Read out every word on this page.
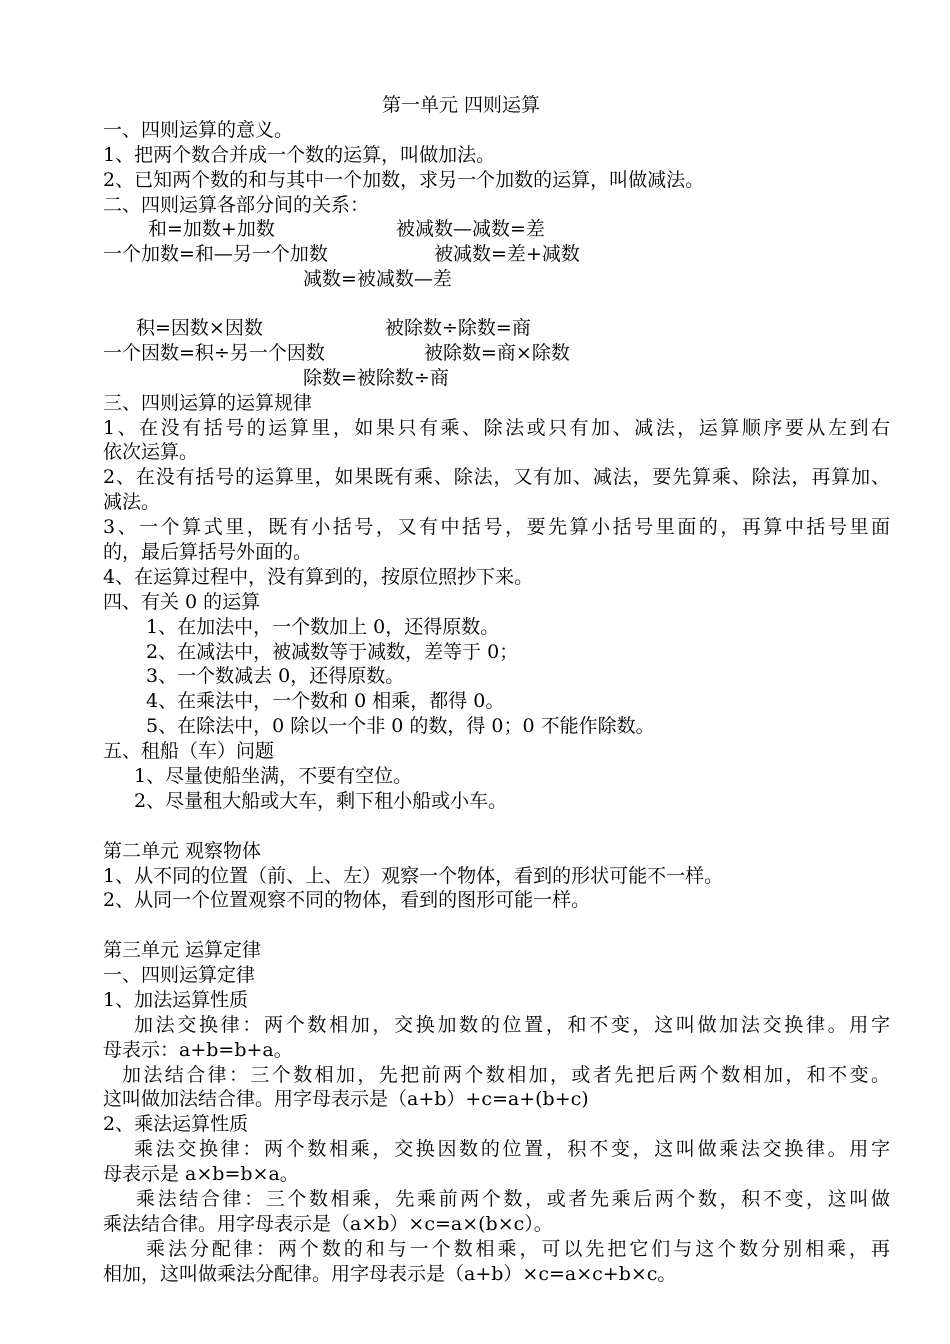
第一单元 四则运算
一、四则运算的意义。
1、把两个数合并成一个数的运算，叫做加法。
2、已知两个数的和与其中一个加数，求另一个加数的运算，叫做减法。
二、四则运算各部分间的关系：
和=加数+加数	被减数—减数=差
一个加数=和—另一个加数	被减数=差+减数
减数=被减数—差
积=因数×因数	被除数÷除数=商
一个因数=积÷另一个因数	被除数=商×除数
除数=被除数÷商
三、四则运算的运算规律
1、在没有括号的运算里，如果只有乘、除法或只有加、减法，运算顺序要从左到右
依次运算。
2、在没有括号的运算里，如果既有乘、除法，又有加、减法，要先算乘、除法，再算加、
减法。
3、一个算式里，既有小括号，又有中括号，要先算小括号里面的，再算中括号里面
的，最后算括号外面的。
4、在运算过程中，没有算到的，按原位照抄下来。
四、有关 0 的运算
1、在加法中，一个数加上 0，还得原数。
2、在减法中，被减数等于减数，差等于 0；
3、一个数减去 0，还得原数。
4、在乘法中，一个数和 0 相乘，都得 0。
5、在除法中，0 除以一个非 0 的数，得 0；0 不能作除数。
五、租船（车）问题
1、尽量使船坐满，不要有空位。
2、尽量租大船或大车，剩下租小船或小车。
第二单元 观察物体
1、从不同的位置（前、上、左）观察一个物体，看到的形状可能不一样。
2、从同一个位置观察不同的物体，看到的图形可能一样。
第三单元 运算定律
一、四则运算定律
1、加法运算性质
加法交换律：两个数相加，交换加数的位置，和不变，这叫做加法交换律。用字
母表示：a+b=b+a。
加法结合律：三个数相加，先把前两个数相加，或者先把后两个数相加，和不变。
这叫做加法结合律。用字母表示是（a+b）+c=a+(b+c)
2、乘法运算性质
乘法交换律：两个数相乘，交换因数的位置，积不变，这叫做乘法交换律。用字
母表示是 a×b=b×a。
乘法结合律：三个数相乘，先乘前两个数，或者先乘后两个数，积不变，这叫做
乘法结合律。用字母表示是（a×b）×c=a×(b×c）。
乘法分配律：两个数的和与一个数相乘，可以先把它们与这个数分别相乘，再
相加，这叫做乘法分配律。用字母表示是（a+b）×c=a×c+b×c。
